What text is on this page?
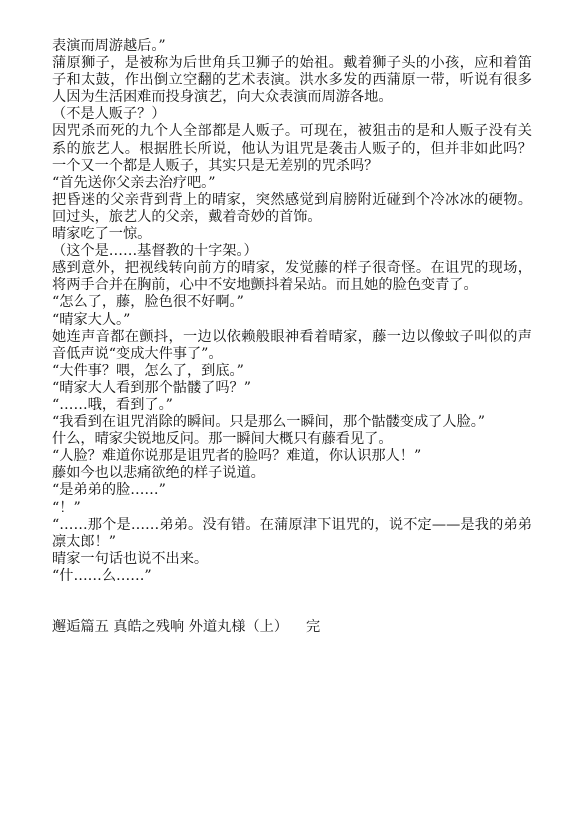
表演而周游越后。”

蒲原狮子，是被称为后世角兵卫狮子的始祖。戴着狮子头的小孩，应和着笛子和太鼓，作出倒立空翻的艺术表演。洪水多发的西蒲原一带，听说有很多人因为生活困难而投身演艺，向大众表演而周游各地。

（不是人贩子？）

因咒杀而死的九个人全部都是人贩子。可现在，被狙击的是和人贩子没有关系的旅艺人。根据胜长所说，他认为诅咒是袭击人贩子的，但并非如此吗？一个又一个都是人贩子，其实只是无差别的咒杀吗？

“首先送你父亲去治疗吧。”

把昏迷的父亲背到背上的晴家，突然感觉到肩膀附近碰到个冷冰冰的硬物。回过头，旅艺人的父亲，戴着奇妙的首饰。

晴家吃了一惊。

（这个是……基督教的十字架。）

感到意外，把视线转向前方的晴家，发觉藤的样子很奇怪。在诅咒的现场，将两手合并在胸前，心中不安地颤抖着呆站。而且她的脸色变青了。

“怎么了，藤，脸色很不好啊。”

“晴家大人。”

她连声音都在颤抖，一边以依赖般眼神看着晴家，藤一边以像蚊子叫似的声音低声说“变成大件事了”。

“大件事？喂，怎么了，到底。”

“晴家大人看到那个骷髅了吗？”

“……哦，看到了。”

“我看到在诅咒消除的瞬间。只是那么一瞬间，那个骷髅变成了人脸。”

什么，晴家尖锐地反问。那一瞬间大概只有藤看见了。

“人脸？难道你说那是诅咒者的脸吗？难道，你认识那人！”

藤如今也以悲痛欲绝的样子说道。

“是弟弟的脸……”

“！”

“……那个是……弟弟。没有错。在蒲原津下诅咒的，说不定——是我的弟弟凛太郎！”

晴家一句话也说不出来。

“什……么……”

邂逅篇五 真皓之残响 外道丸様（上）    完
